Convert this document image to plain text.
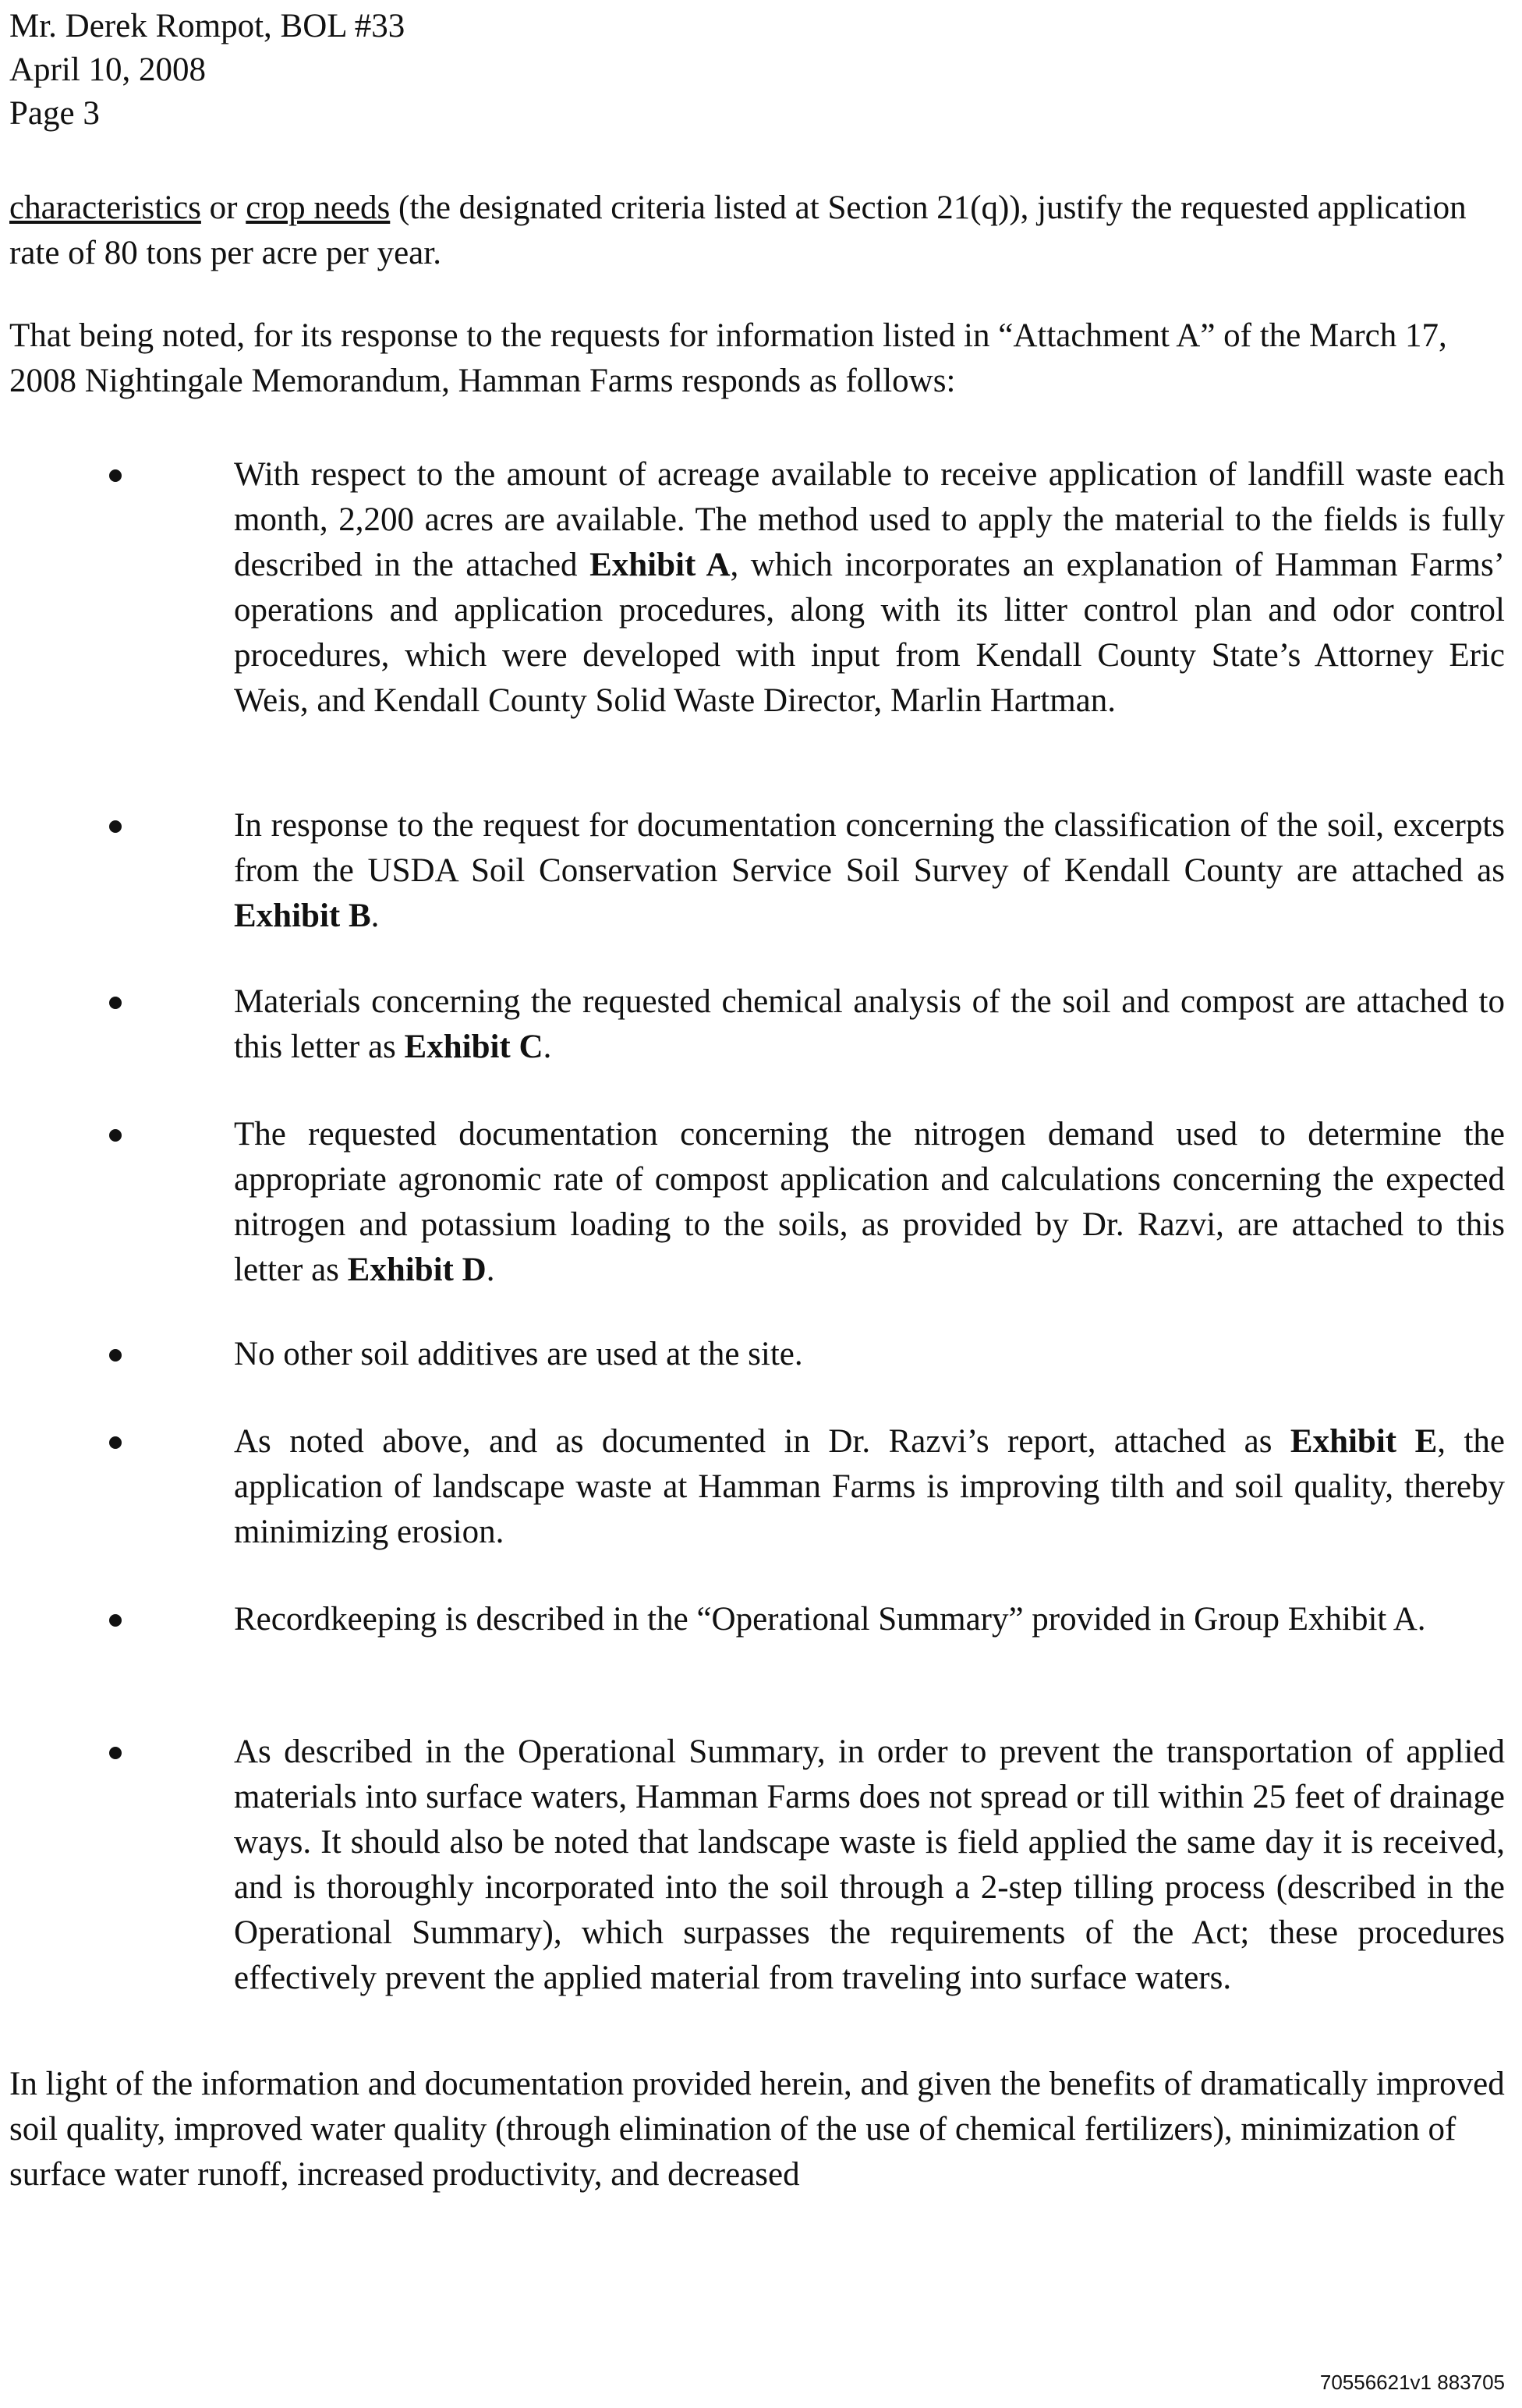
Mr. Derek Rompot, BOL #33
April 10, 2008
Page 3
characteristics or crop needs (the designated criteria listed at Section 21(q)), justify the requested application rate of 80 tons per acre per year.
That being noted, for its response to the requests for information listed in “Attachment A” of the March 17, 2008 Nightingale Memorandum, Hamman Farms responds as follows:
With respect to the amount of acreage available to receive application of landfill waste each month, 2,200 acres are available. The method used to apply the material to the fields is fully described in the attached Exhibit A, which incorporates an explanation of Hamman Farms’ operations and application procedures, along with its litter control plan and odor control procedures, which were developed with input from Kendall County State’s Attorney Eric Weis, and Kendall County Solid Waste Director, Marlin Hartman.
In response to the request for documentation concerning the classification of the soil, excerpts from the USDA Soil Conservation Service Soil Survey of Kendall County are attached as Exhibit B.
Materials concerning the requested chemical analysis of the soil and compost are attached to this letter as Exhibit C.
The requested documentation concerning the nitrogen demand used to determine the appropriate agronomic rate of compost application and calculations concerning the expected nitrogen and potassium loading to the soils, as provided by Dr. Razvi, are attached to this letter as Exhibit D.
No other soil additives are used at the site.
As noted above, and as documented in Dr. Razvi’s report, attached as Exhibit E, the application of landscape waste at Hamman Farms is improving tilth and soil quality, thereby minimizing erosion.
Recordkeeping is described in the “Operational Summary” provided in Group Exhibit A.
As described in the Operational Summary, in order to prevent the transportation of applied materials into surface waters, Hamman Farms does not spread or till within 25 feet of drainage ways. It should also be noted that landscape waste is field applied the same day it is received, and is thoroughly incorporated into the soil through a 2-step tilling process (described in the Operational Summary), which surpasses the requirements of the Act; these procedures effectively prevent the applied material from traveling into surface waters.
In light of the information and documentation provided herein, and given the benefits of dramatically improved soil quality, improved water quality (through elimination of the use of chemical fertilizers), minimization of surface water runoff, increased productivity, and decreased
70556621v1 883705
